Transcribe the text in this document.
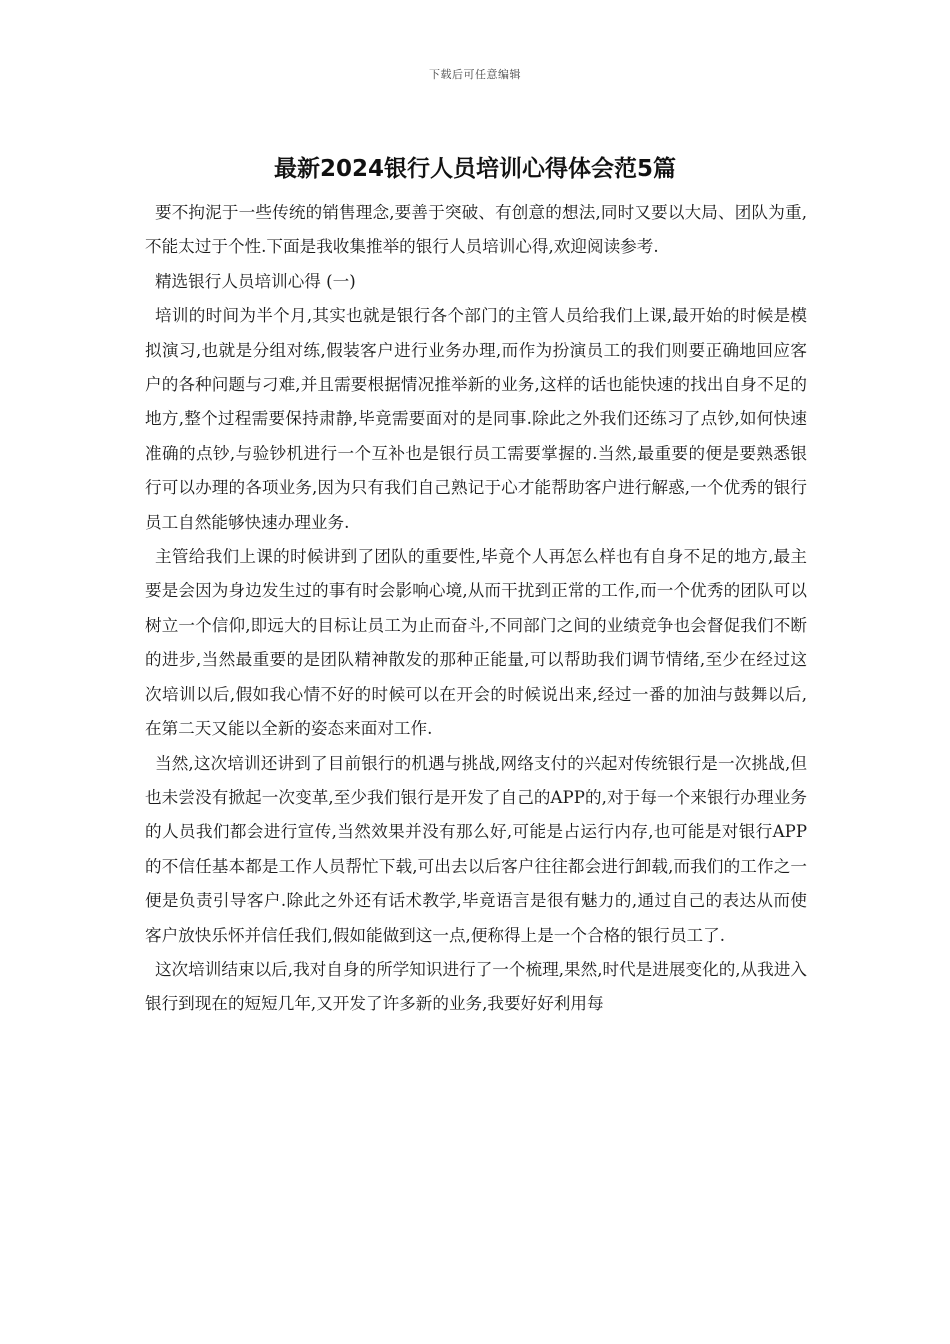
下载后可任意编辑
最新2024银行人员培训心得体会范5篇

要不拘泥于一些传统的销售理念,要善于突破、有创意的想法,同时又要以大局、团队为重,不能太过于个性.下面是我收集推举的银行人员培训心得,欢迎阅读参考.

精选银行人员培训心得 (一)

培训的时间为半个月,其实也就是银行各个部门的主管人员给我们上课,最开始的时候是模拟演习,也就是分组对练,假装客户进行业务办理,而作为扮演员工的我们则要正确地回应客户的各种问题与刁难,并且需要根据情况推举新的业务,这样的话也能快速的找出自身不足的地方,整个过程需要保持肃静,毕竟需要面对的是同事.除此之外我们还练习了点钞,如何快速准确的点钞,与验钞机进行一个互补也是银行员工需要掌握的.当然,最重要的便是要熟悉银行可以办理的各项业务,因为只有我们自己熟记于心才能帮助客户进行解惑,一个优秀的银行员工自然能够快速办理业务.

主管给我们上课的时候讲到了团队的重要性,毕竟个人再怎么样也有自身不足的地方,最主要是会因为身边发生过的事有时会影响心境,从而干扰到正常的工作,而一个优秀的团队可以树立一个信仰,即远大的目标让员工为止而奋斗,不同部门之间的业绩竞争也会督促我们不断的进步,当然最重要的是团队精神散发的那种正能量,可以帮助我们调节情绪,至少在经过这次培训以后,假如我心情不好的时候可以在开会的时候说出来,经过一番的加油与鼓舞以后,在第二天又能以全新的姿态来面对工作.

当然,这次培训还讲到了目前银行的机遇与挑战,网络支付的兴起对传统银行是一次挑战,但也未尝没有掀起一次变革,至少我们银行是开发了自己的APP的,对于每一个来银行办理业务的人员我们都会进行宣传,当然效果并没有那么好,可能是占运行内存,也可能是对银行APP的不信任基本都是工作人员帮忙下载,可出去以后客户往往都会进行卸载,而我们的工作之一便是负责引导客户.除此之外还有话术教学,毕竟语言是很有魅力的,通过自己的表达从而使客户放快乐怀并信任我们,假如能做到这一点,便称得上是一个合格的银行员工了.

这次培训结束以后,我对自身的所学知识进行了一个梳理,果然,时代是进展变化的,从我进入银行到现在的短短几年,又开发了许多新的业务,我要好好利用每
